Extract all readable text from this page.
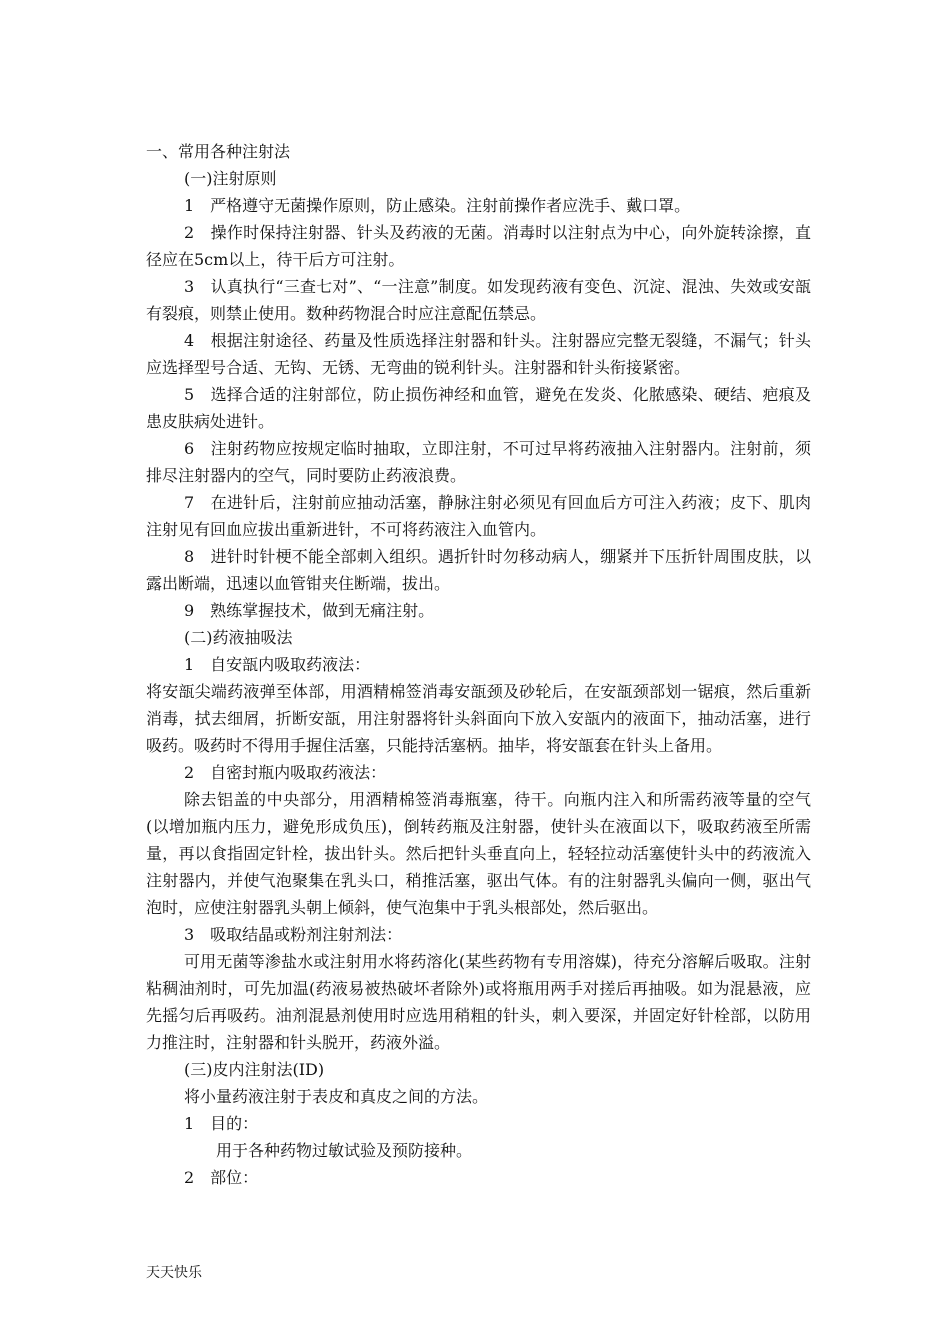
一、常用各种注射法

(一)注射原则

1　严格遵守无菌操作原则，防止感染。注射前操作者应洗手、戴口罩。

2　操作时保持注射器、针头及药液的无菌。消毒时以注射点为中心，向外旋转涂擦，直径应在5cm以上，待干后方可注射。

3　认真执行“三查七对”、“一注意”制度。如发现药液有变色、沉淀、混浊、失效或安瓿有裂痕，则禁止使用。数种药物混合时应注意配伍禁忌。

4　根据注射途径、药量及性质选择注射器和针头。注射器应完整无裂缝，不漏气；针头应选择型号合适、无钩、无锈、无弯曲的锐利针头。注射器和针头衔接紧密。

5　选择合适的注射部位，防止损伤神经和血管，避免在发炎、化脓感染、硬结、疤痕及患皮肤病处进针。

6　注射药物应按规定临时抽取，立即注射，不可过早将药液抽入注射器内。注射前，须排尽注射器内的空气，同时要防止药液浪费。

7　在进针后，注射前应抽动活塞，静脉注射必须见有回血后方可注入药液；皮下、肌肉注射见有回血应拔出重新进针，不可将药液注入血管内。

8　进针时针梗不能全部刺入组织。遇折针时勿移动病人，绷紧并下压折针周围皮肤，以露出断端，迅速以血管钳夹住断端，拔出。

9　熟练掌握技术，做到无痛注射。

(二)药液抽吸法

1　自安瓿内吸取药液法：

将安瓿尖端药液弹至体部，用酒精棉签消毒安瓿颈及砂轮后，在安瓿颈部划一锯痕，然后重新消毒，拭去细屑，折断安瓿，用注射器将针头斜面向下放入安瓿内的液面下，抽动活塞，进行吸药。吸药时不得用手握住活塞，只能持活塞柄。抽毕，将安瓿套在针头上备用。

2　自密封瓶内吸取药液法：

除去铝盖的中央部分，用酒精棉签消毒瓶塞，待干。向瓶内注入和所需药液等量的空气(以增加瓶内压力，避免形成负压)，倒转药瓶及注射器，使针头在液面以下，吸取药液至所需量，再以食指固定针栓，拔出针头。然后把针头垂直向上，轻轻拉动活塞使针头中的药液流入注射器内，并使气泡聚集在乳头口，稍推活塞，驱出气体。有的注射器乳头偏向一侧，驱出气泡时，应使注射器乳头朝上倾斜，使气泡集中于乳头根部处，然后驱出。

3　吸取结晶或粉剂注射剂法：

可用无菌等渗盐水或注射用水将药溶化(某些药物有专用溶媒)，待充分溶解后吸取。注射粘稠油剂时，可先加温(药液易被热破坏者除外)或将瓶用两手对搓后再抽吸。如为混悬液，应先摇匀后再吸药。油剂混悬剂使用时应选用稍粗的针头，刺入要深，并固定好针栓部，以防用力推注时，注射器和针头脱开，药液外溢。

(三)皮内注射法(ID)

将小量药液注射于表皮和真皮之间的方法。

1　目的：

用于各种药物过敏试验及预防接种。

2　部位：

天天快乐
